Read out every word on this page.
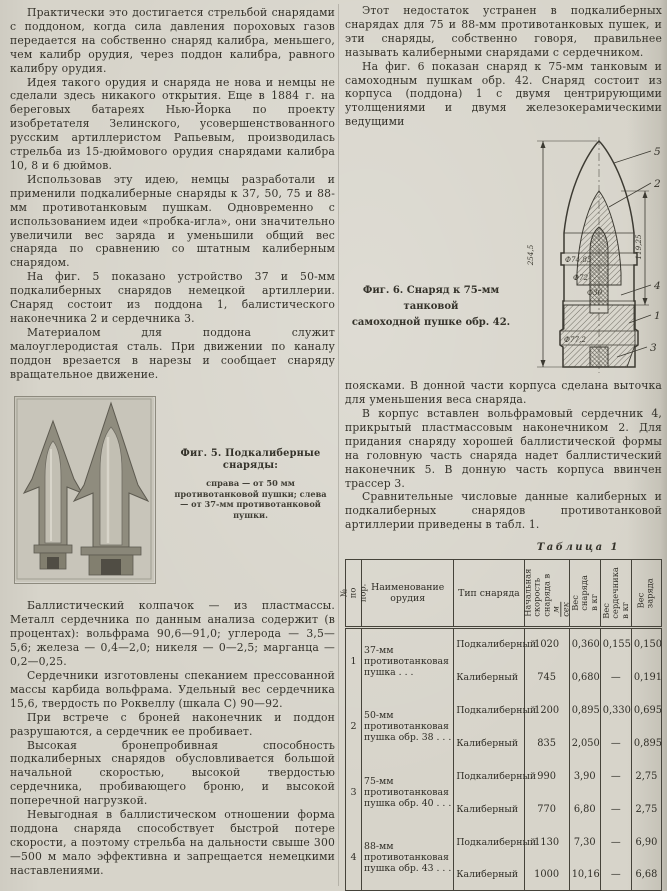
Практически это достигается стрельбой снарядами с поддоном, когда сила давления пороховых газов передается на собственно снаряд калибра, меньшего, чем калибр орудия, через поддон калибра, равного калибру орудия.

Идея такого орудия и снаряда не нова и немцы не сделали здесь никакого открытия. Еще в 1884 г. на береговых батареях Нью-Йорка по проекту изобретателя Зелинского, усовершенствованного русским артиллеристом Рапьевым, производилась стрельба из 15-дюймового орудия снарядами калибра 10, 8 и 6 дюймов.

Использовав эту идею, немцы разработали и применили подкалиберные снаряды к 37, 50, 75 и 88-мм противотанковым пушкам. Одновременно с использованием идеи «пробка-игла», они значительно увеличили вес заряда и уменьшили общий вес снаряда по сравнению со штатным калиберным снарядом.

На фиг. 5 показано устройство 37 и 50-мм подкалиберных снарядов немецкой артиллерии. Снаряд состоит из поддона 1, балистического наконечника 2 и сердечника 3.

Материалом для поддона служит малоуглеродистая сталь. При движении по каналу поддон врезается в нарезы и сообщает снаряду вращательное движение.

Фиг. 5. Подкалиберные снаряды:
справа — от 50 мм противотанковой пушки; слева — от 37-мм противотанковой пушки.

Баллистический колпачок — из пластмассы. Металл сердечника по данным анализа содержит (в процентах): вольфрама 90,6—91,0; углерода — 3,5—5,6; железа — 0,4—2,0; никеля — 0—2,5; марганца — 0,2—0,25.

Сердечники изготовлены спеканием прессованной массы карбида вольфрама. Удельный вес сердечника 15,6, твердость по Роквеллу (шкала С) 90—92.

При встрече с броней наконечник и поддон разрушаются, а сердечник ее пробивает.

Высокая бронепробивная способность подкалиберных снарядов обусловливается большой начальной скоростью, высокой твердостью сердечника, пробивающего броню, и высокой поперечной нагрузкой.

Невыгодная в баллистическом отношении форма поддона снаряда способствует быстрой потере скорости, а поэтому стрельба на дальности свыше 300—500 м мало эффективна и запрещается немецкими наставлениями.

Этот недостаток устранен в подкалиберных снарядах для 75 и 88-мм противотанковых пушек, и эти снаряды, собственно говоря, правильнее называть калиберными снарядами с сердечником.

На фиг. 6 показан снаряд к 75-мм танковым и самоходным пушкам обр. 42. Снаряд состоит из корпуса (поддона) 1 с двумя центрирующими утолщениями и двумя железокерамическими ведущими

Фиг. 6. Снаряд к 75-мм танковой
самоходной пушке обр. 42.
254,5	119,25
Ф74,85
Ф72
Ф30
Ф77,2
5
2
4
1
3

поясками. В донной части корпуса сделана выточка для уменьшения веса снаряда.

В корпус вставлен вольфрамовый сердечник 4, прикрытый пластмассовым наконечником 2. Для придания снаряду хорошей баллистической формы на головную часть снаряда надет баллистический наконечник 5. В донную часть корпуса ввинчен трассер 3.

Сравнительные числовые данные калиберных и подкалиберных снарядов противотанковой артиллерии приведены в табл. 1.

Таблица 1
№ по пор.	Наименование орудия	Тип снаряда	Начальная скорость снаряда в м сек	Вес снаряда в кг	Вес сердечника в кг	Вес заряда

1	37-мм противотанковая пушка . . .	Подкалиберный	1020	0,360	0,155	0,150
		Калиберный	745	0,680	—	0,191
2	50-мм противотанковая пушка обр. 38 . . .	Подкалиберный	1200	0,895	0,330	0,695
		Калиберный	835	2,050	—	0,895
3	75-мм противотанковая пушка обр. 40 . . .	Подкалиберный	990	3,90	—	2,75
		Калиберный	770	6,80	—	2,75
4	88-мм противотанковая пушка обр. 43 . . .	Подкалиберный	1130	7,30	—	6,90
		Калиберный	1000	10,16	—	6,68
